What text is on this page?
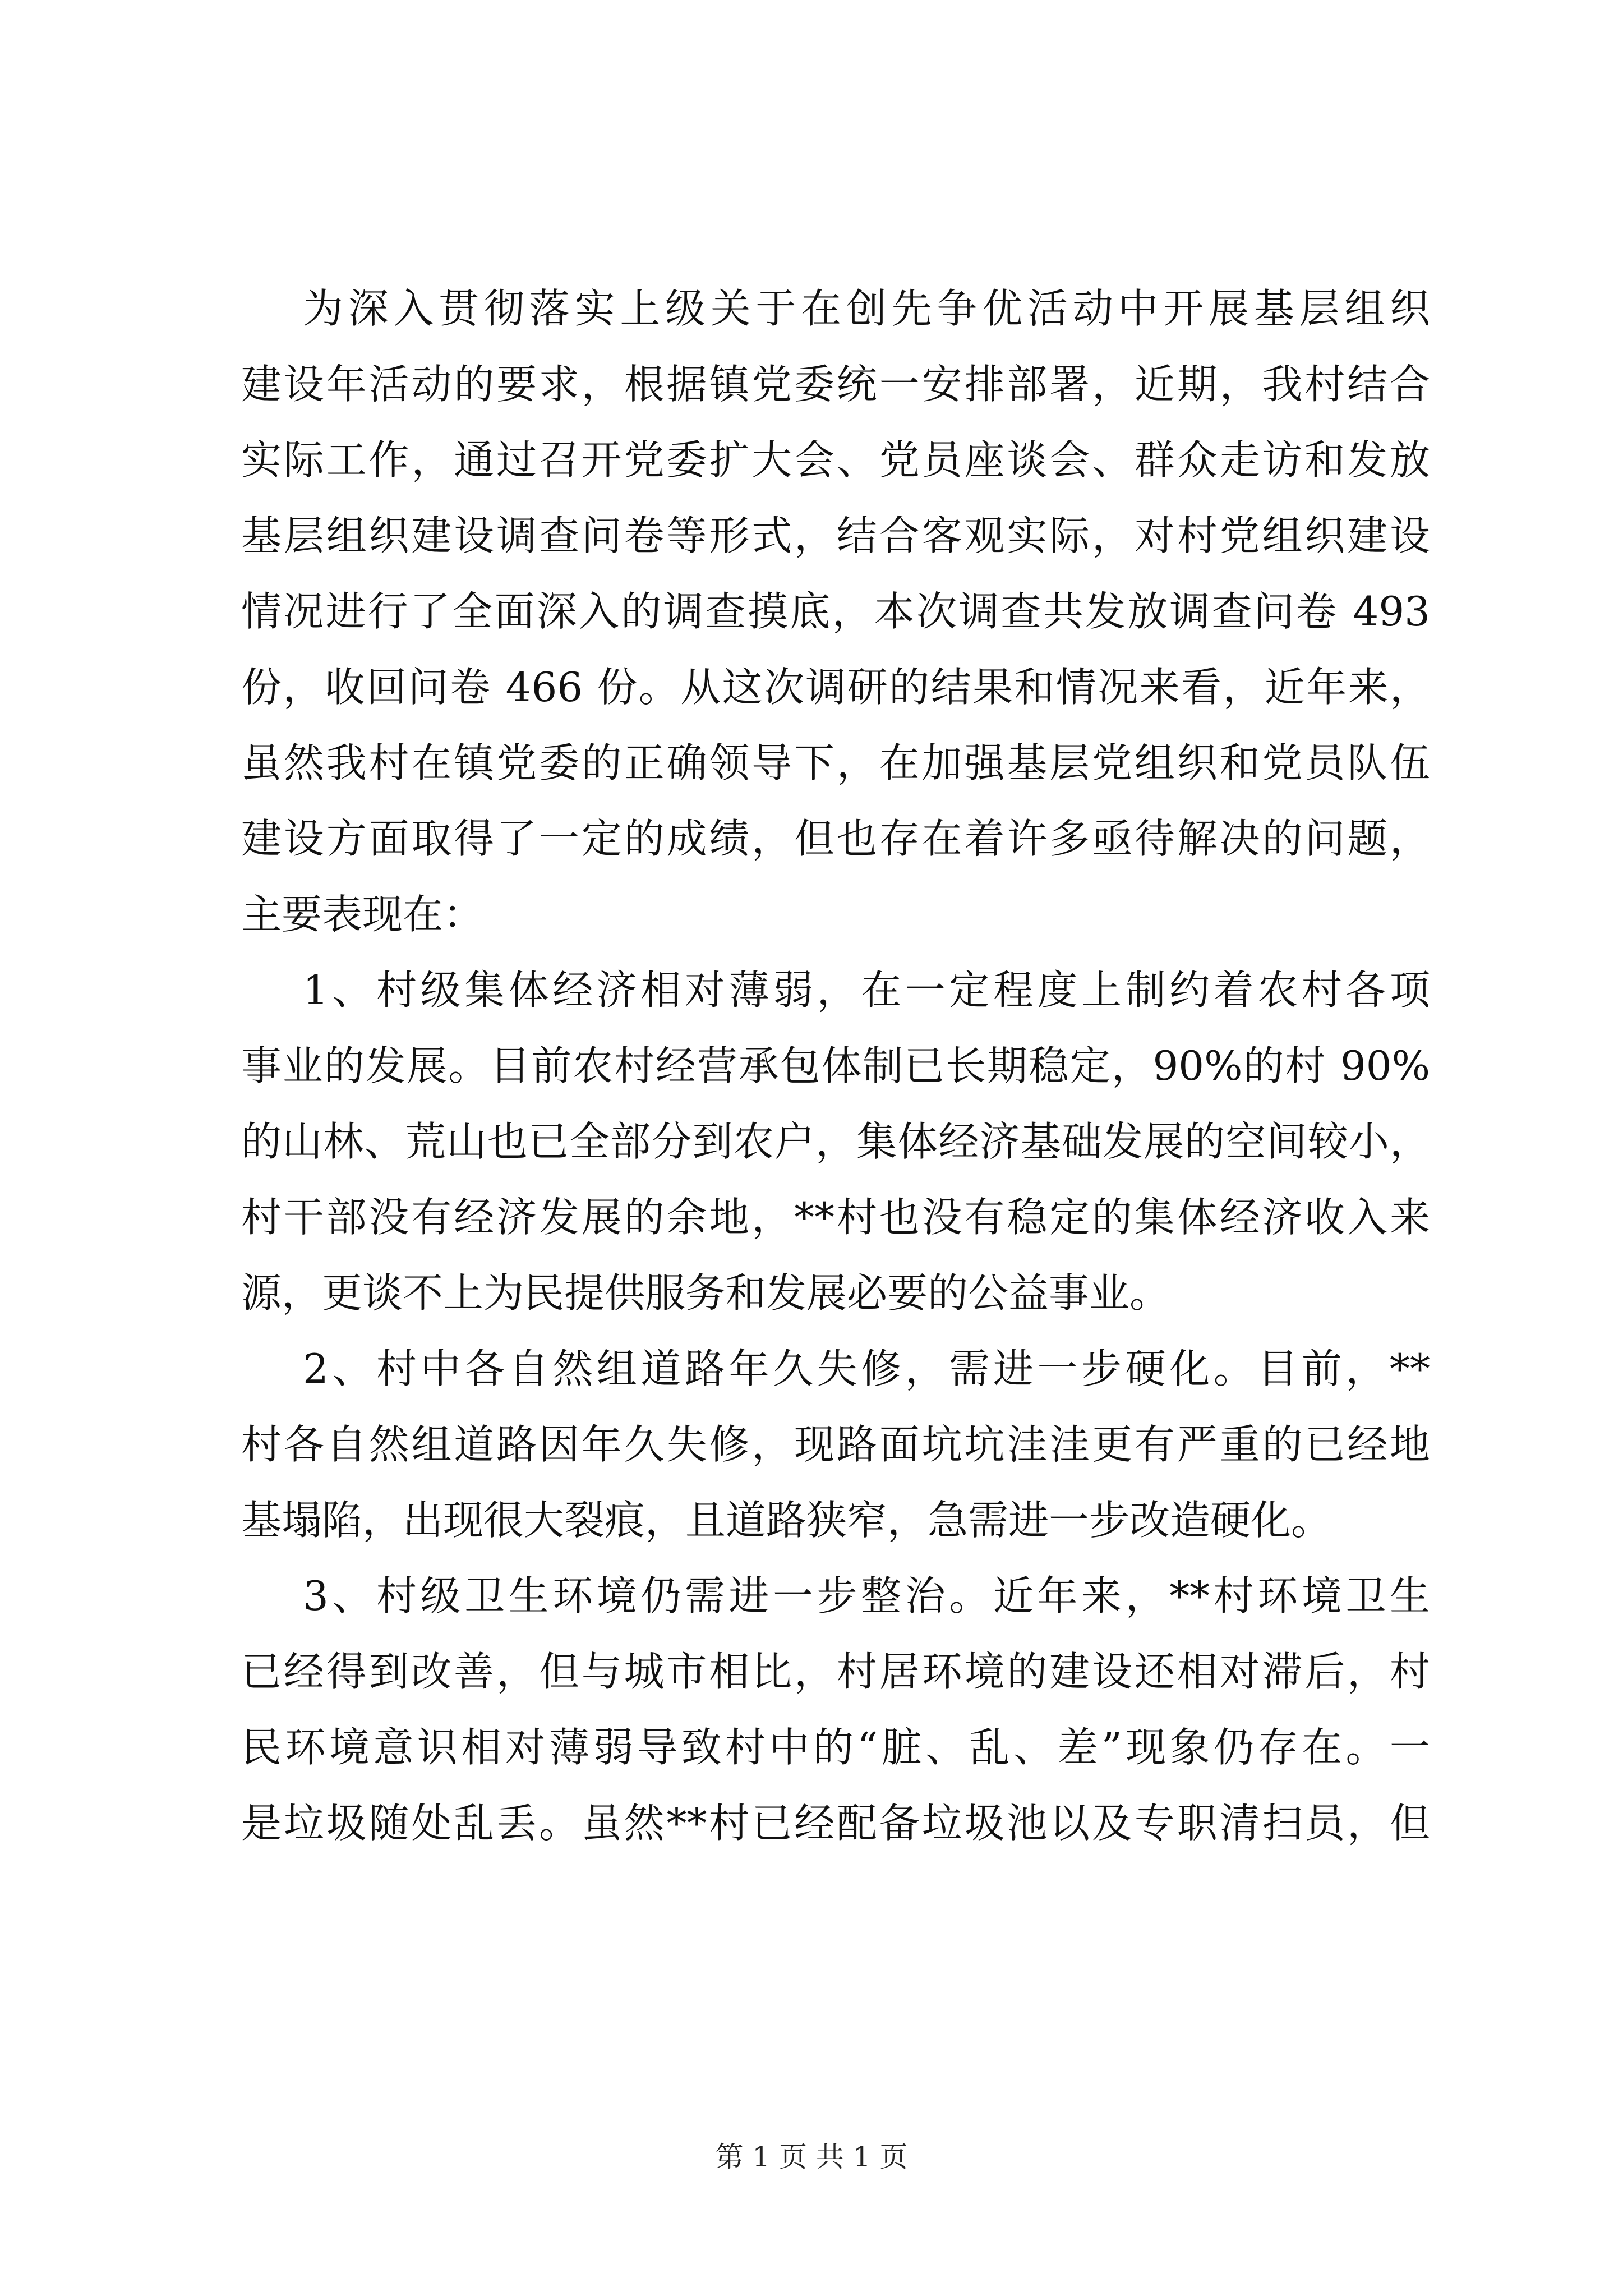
为深入贯彻落实上级关于在创先争优活动中开展基层组织
建设年活动的要求，根据镇党委统一安排部署，近期，我村结合
实际工作，通过召开党委扩大会、党员座谈会、群众走访和发放
基层组织建设调查问卷等形式，结合客观实际，对村党组织建设
情况进行了全面深入的调查摸底，本次调查共发放调查问卷 493
份，收回问卷 466 份。从这次调研的结果和情况来看，近年来，
虽然我村在镇党委的正确领导下，在加强基层党组织和党员队伍
建设方面取得了一定的成绩，但也存在着许多亟待解决的问题，
主要表现在：
1、村级集体经济相对薄弱，在一定程度上制约着农村各项
事业的发展。目前农村经营承包体制已长期稳定，90%的村 90%
的山林、荒山也已全部分到农户，集体经济基础发展的空间较小，
村干部没有经济发展的余地，**村也没有稳定的集体经济收入来
源，更谈不上为民提供服务和发展必要的公益事业。
2、村中各自然组道路年久失修，需进一步硬化。目前，**
村各自然组道路因年久失修，现路面坑坑洼洼更有严重的已经地
基塌陷，出现很大裂痕，且道路狭窄，急需进一步改造硬化。
3、村级卫生环境仍需进一步整治。近年来，**村环境卫生
已经得到改善，但与城市相比，村居环境的建设还相对滞后，村
民环境意识相对薄弱导致村中的“脏、乱、差”现象仍存在。一
是垃圾随处乱丢。虽然**村已经配备垃圾池以及专职清扫员，但
第 1 页 共 1 页
